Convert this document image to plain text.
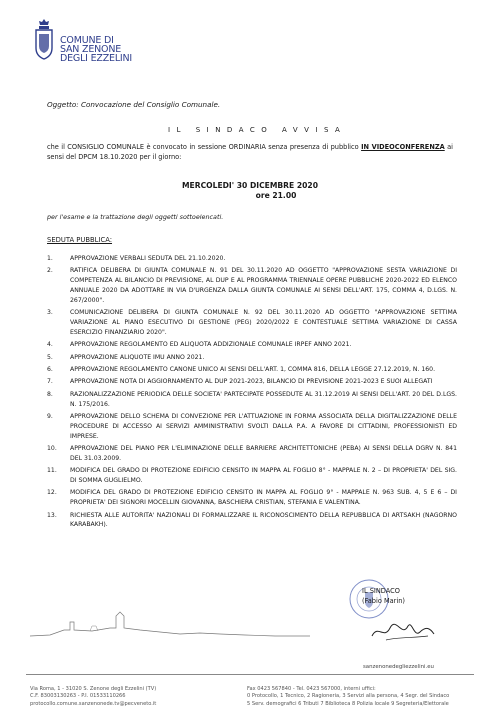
COMUNE DI
SAN ZENONE
DEGLI EZZELINI
Oggetto: Convocazione del Consiglio Comunale.
IL SINDACO AVVISA
che il CONSIGLIO COMUNALE è convocato in sessione ORDINARIA senza presenza di pubblico IN VIDEOCONFERENZA ai sensi del DPCM 18.10.2020 per il giorno:
MERCOLEDI' 30 DICEMBRE 2020
ore 21.00
per l'esame e la trattazione degli oggetti sottoelencati.
SEDUTA PUBBLICA:
1.	APPROVAZIONE VERBALI SEDUTA DEL 21.10.2020.
2.	RATIFICA DELIBERA DI GIUNTA COMUNALE N. 91 DEL 30.11.2020 AD OGGETTO "APPROVAZIONE SESTA VARIAZIONE DI COMPETENZA AL BILANCIO DI PREVISIONE, AL DUP E AL PROGRAMMA TRIENNALE OPERE PUBBLICHE 2020-2022 ED ELENCO ANNUALE 2020 DA ADOTTARE IN VIA D'URGENZA DALLA GIUNTA COMUNALE AI SENSI DELL'ART. 175, COMMA 4, D.LGS. N. 267/2000".
3.	COMUNICAZIONE DELIBERA DI GIUNTA COMUNALE N. 92 DEL 30.11.2020 AD OGGETTO "APPROVAZIONE SETTIMA VARIAZIONE AL PIANO ESECUTIVO DI GESTIONE (PEG) 2020/2022 E CONTESTUALE SETTIMA VARIAZIONE DI CASSA ESERCIZIO FINANZIARIO 2020".
4.	APPROVAZIONE REGOLAMENTO ED ALIQUOTA ADDIZIONALE COMUNALE IRPEF ANNO 2021.
5.	APPROVAZIONE ALIQUOTE IMU ANNO 2021.
6.	APPROVAZIONE REGOLAMENTO CANONE UNICO AI SENSI DELL'ART. 1, COMMA 816, DELLA LEGGE 27.12.2019, N. 160.
7.	APPROVAZIONE NOTA DI AGGIORNAMENTO AL DUP 2021-2023, BILANCIO DI PREVISIONE 2021-2023 E SUOI ALLEGATI
8.	RAZIONALIZZAZIONE PERIODICA DELLE SOCIETA' PARTECIPATE POSSEDUTE AL 31.12.2019 AI SENSI DELL'ART. 20 DEL D.LGS. N. 175/2016.
9.	APPROVAZIONE DELLO SCHEMA DI CONVEZIONE PER L'ATTUAZIONE IN FORMA ASSOCIATA DELLA DIGITALIZZAZIONE DELLE PROCEDURE DI ACCESSO AI SERVIZI AMMINISTRATIVI SVOLTI DALLA P.A. A FAVORE DI CITTADINI, PROFESSIONISTI ED IMPRESE.
10. APPROVAZIONE DEL PIANO PER L'ELIMINAZIONE DELLE BARRIERE ARCHITETTONICHE (PEBA) AI SENSI DELLA DGRV N. 841 DEL 31.03.2009.
11. MODIFICA DEL GRADO DI PROTEZIONE EDIFICIO CENSITO IN MAPPA AL FOGLIO 8° - MAPPALE N. 2 – DI PROPRIETA' DEL SIG. DI SOMMA GUGLIELMO.
12. MODIFICA DEL GRADO DI PROTEZIONE EDIFICIO CENSITO IN MAPPA AL FOGLIO 9° - MAPPALE N. 963 SUB. 4, 5 E 6 – DI PROPRIETA' DEI SIGNORI MOCELLIN GIOVANNA, BASCHIERA CRISTIAN, STEFANIA E VALENTINA.
13. RICHIESTA ALLE AUTORITA' NAZIONALI DI FORMALIZZARE IL RICONOSCIMENTO DELLA REPUBBLICA DI ARTSAKH (NAGORNO KARABAKH).
IL SINDACO
(Fabio Marin)
sanzenonedegliezzelini.eu
Via Roma, 1 - 31020 S. Zenone degli Ezzelini (TV)
C.F. 83003130263 - P.I. 01533110266
protocollo.comune.sanzenonede.tv@pecveneto.it
Fax 0423 567840 - Tel. 0423 567000, interni uffici:
0 Protocollo, 1 Tecnico, 2 Ragioneria, 3 Servizi alla persona, 4 Segr. del Sindaco
5 Serv. demografici 6 Tributi 7 Biblioteca 8 Polizia locale 9 Segreteria/Elettorale
